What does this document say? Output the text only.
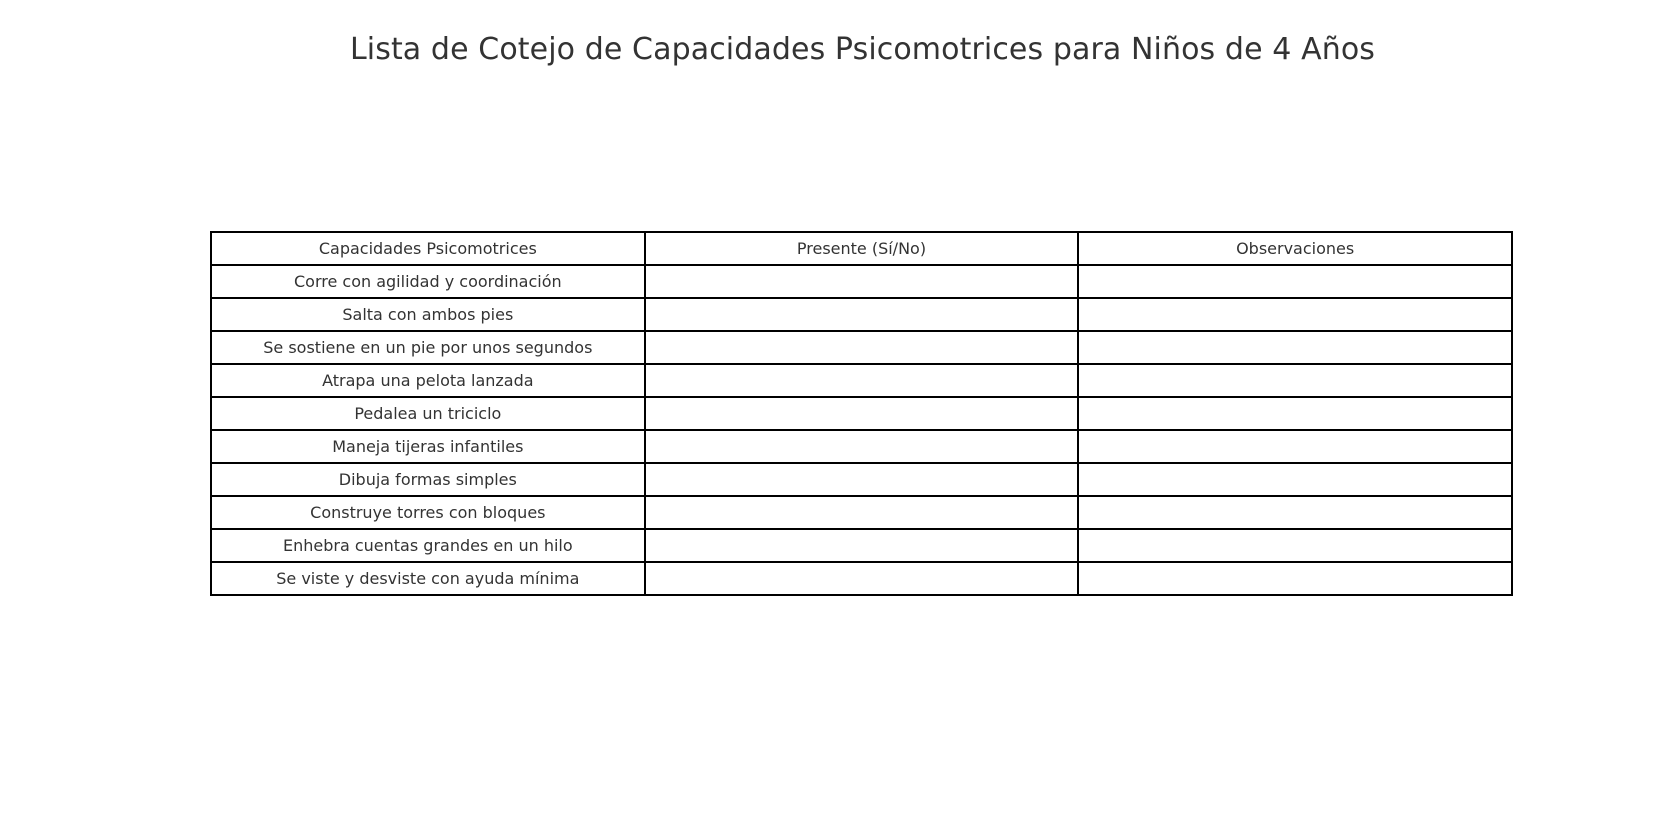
Lista de Cotejo de Capacidades Psicomotrices para Niños de 4 Años
Capacidades Psicomotrices	Presente (Sí/No)	Observaciones
Corre con agilidad y coordinación		
Salta con ambos pies		
Se sostiene en un pie por unos segundos		
Atrapa una pelota lanzada		
Pedalea un triciclo		
Maneja tijeras infantiles		
Dibuja formas simples		
Construye torres con bloques		
Enhebra cuentas grandes en un hilo		
Se viste y desviste con ayuda mínima		
